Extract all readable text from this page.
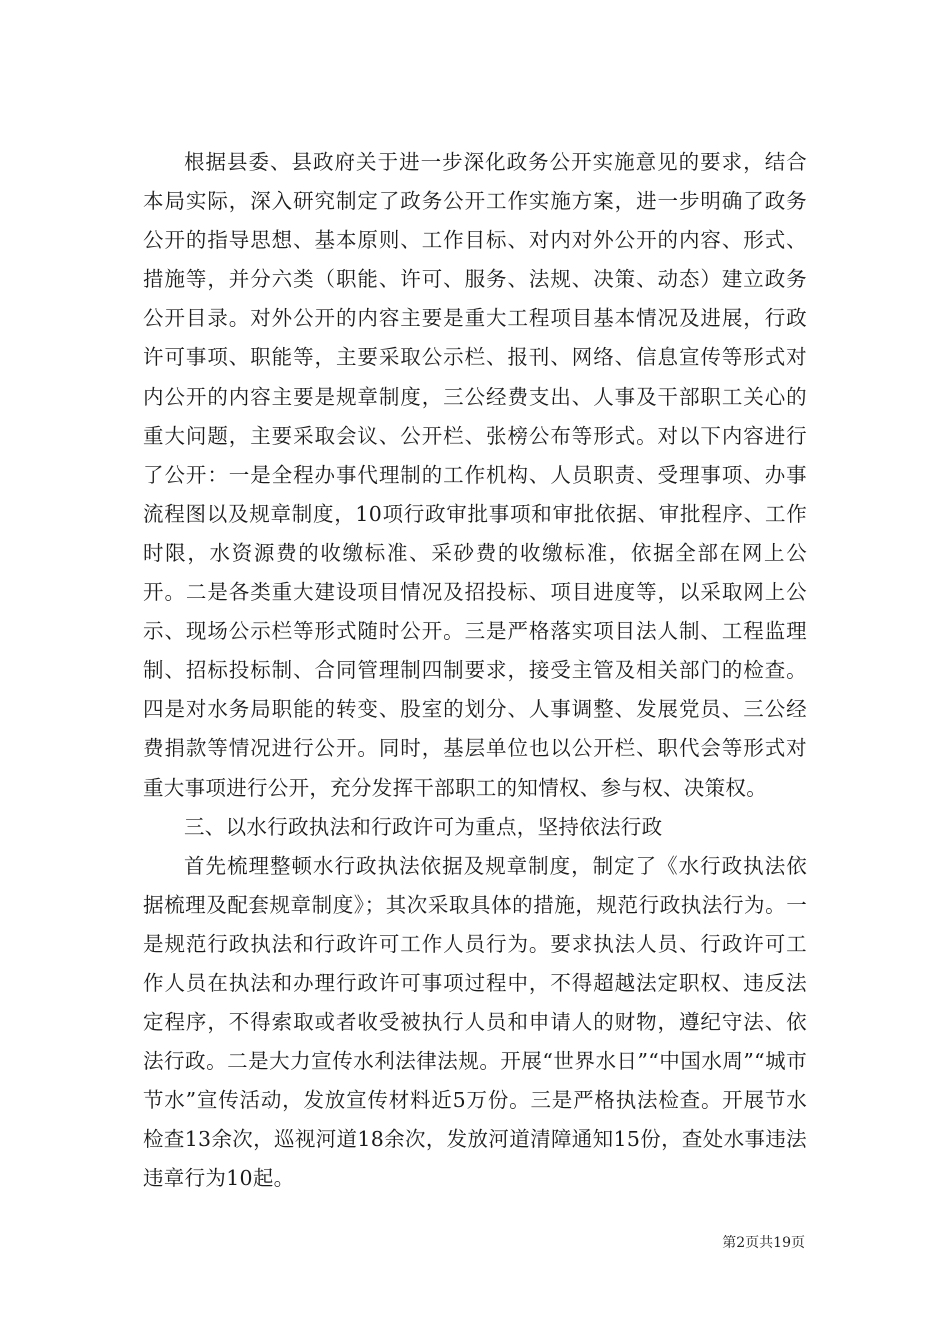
根据县委、县政府关于进一步深化政务公开实施意见的要求，结合本局实际，深入研究制定了政务公开工作实施方案，进一步明确了政务公开的指导思想、基本原则、工作目标、对内对外公开的内容、形式、措施等，并分六类（职能、许可、服务、法规、决策、动态）建立政务公开目录。对外公开的内容主要是重大工程项目基本情况及进展，行政许可事项、职能等，主要采取公示栏、报刊、网络、信息宣传等形式对内公开的内容主要是规章制度，三公经费支出、人事及干部职工关心的重大问题，主要采取会议、公开栏、张榜公布等形式。对以下内容进行了公开：一是全程办事代理制的工作机构、人员职责、受理事项、办事流程图以及规章制度，10项行政审批事项和审批依据、审批程序、工作时限，水资源费的收缴标准、采砂费的收缴标准，依据全部在网上公开。二是各类重大建设项目情况及招投标、项目进度等，以采取网上公示、现场公示栏等形式随时公开。三是严格落实项目法人制、工程监理制、招标投标制、合同管理制四制要求，接受主管及相关部门的检查。四是对水务局职能的转变、股室的划分、人事调整、发展党员、三公经费捐款等情况进行公开。同时，基层单位也以公开栏、职代会等形式对重大事项进行公开，充分发挥干部职工的知情权、参与权、决策权。

三、以水行政执法和行政许可为重点，坚持依法行政

首先梳理整顿水行政执法依据及规章制度，制定了《水行政执法依据梳理及配套规章制度》；其次采取具体的措施，规范行政执法行为。一是规范行政执法和行政许可工作人员行为。要求执法人员、行政许可工作人员在执法和办理行政许可事项过程中，不得超越法定职权、违反法定程序，不得索取或者收受被执行人员和申请人的财物，遵纪守法、依法行政。二是大力宣传水利法律法规。开展“世界水日”“中国水周”“城市节水”宣传活动，发放宣传材料近5万份。三是严格执法检查。开展节水检查13余次，巡视河道18余次，发放河道清障通知15份，查处水事违法违章行为10起。

第2页共19页
